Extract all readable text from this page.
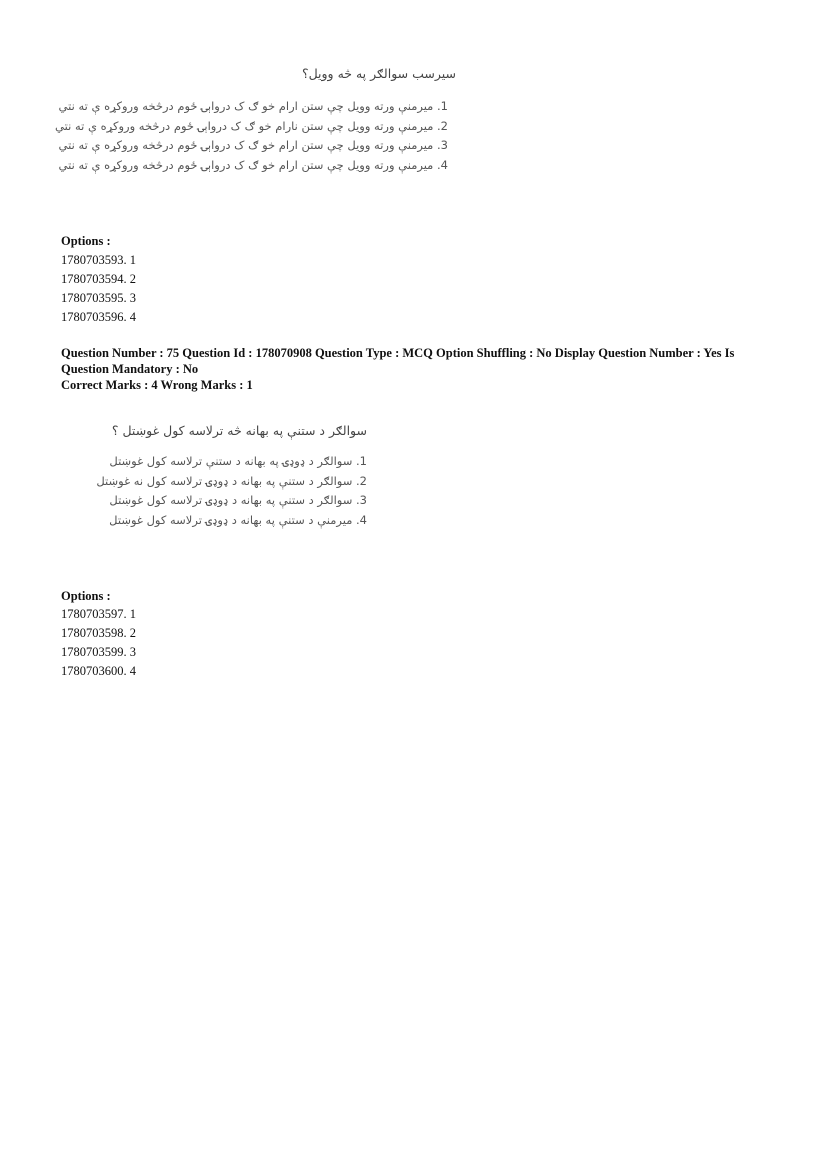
سیرسب سوالګر په څه وویل؟
1. میرمنې ورته وویل چې ستن ارام خو ګ ک درواېۍ ځوم درڅخه وروکړه ې ته نتي
2. میرمنې ورته وویل چې ستن نارام خو ګ ک درواېۍ ځوم درڅخه وروکړه ې ته نتي
3. میرمنې ورته وویل چې ستن ارام خو ګ ک درواېۍ ځوم درڅخه وروکړه ې ته نتي
4. میرمنې ورته وویل چې ستن ارام خو ګ ک درواېۍ ځوم درڅخه وروکړه ې ته نتي
Options :
1780703593. 1
1780703594. 2
1780703595. 3
1780703596. 4
Question Number : 75 Question Id : 178070908 Question Type : MCQ Option Shuffling : No Display Question Number : Yes Is Question Mandatory : No
Correct Marks : 4 Wrong Marks : 1
سوالګر د ستنې په بهانه څه ترلاسه کول غوښتل ؟
1. سوالګر د ډوډۍ په بهانه د ستنې ترلاسه کول غوښتل
2. سوالګر د ستنې په بهانه د ډوډۍ ترلاسه کول نه غوښتل
3. سوالګر د ستنې په بهانه د ډوډۍ ترلاسه کول غوښتل
4. میرمنې د ستنې په بهانه د ډوډۍ ترلاسه کول غوښتل
Options :
1780703597. 1
1780703598. 2
1780703599. 3
1780703600. 4
